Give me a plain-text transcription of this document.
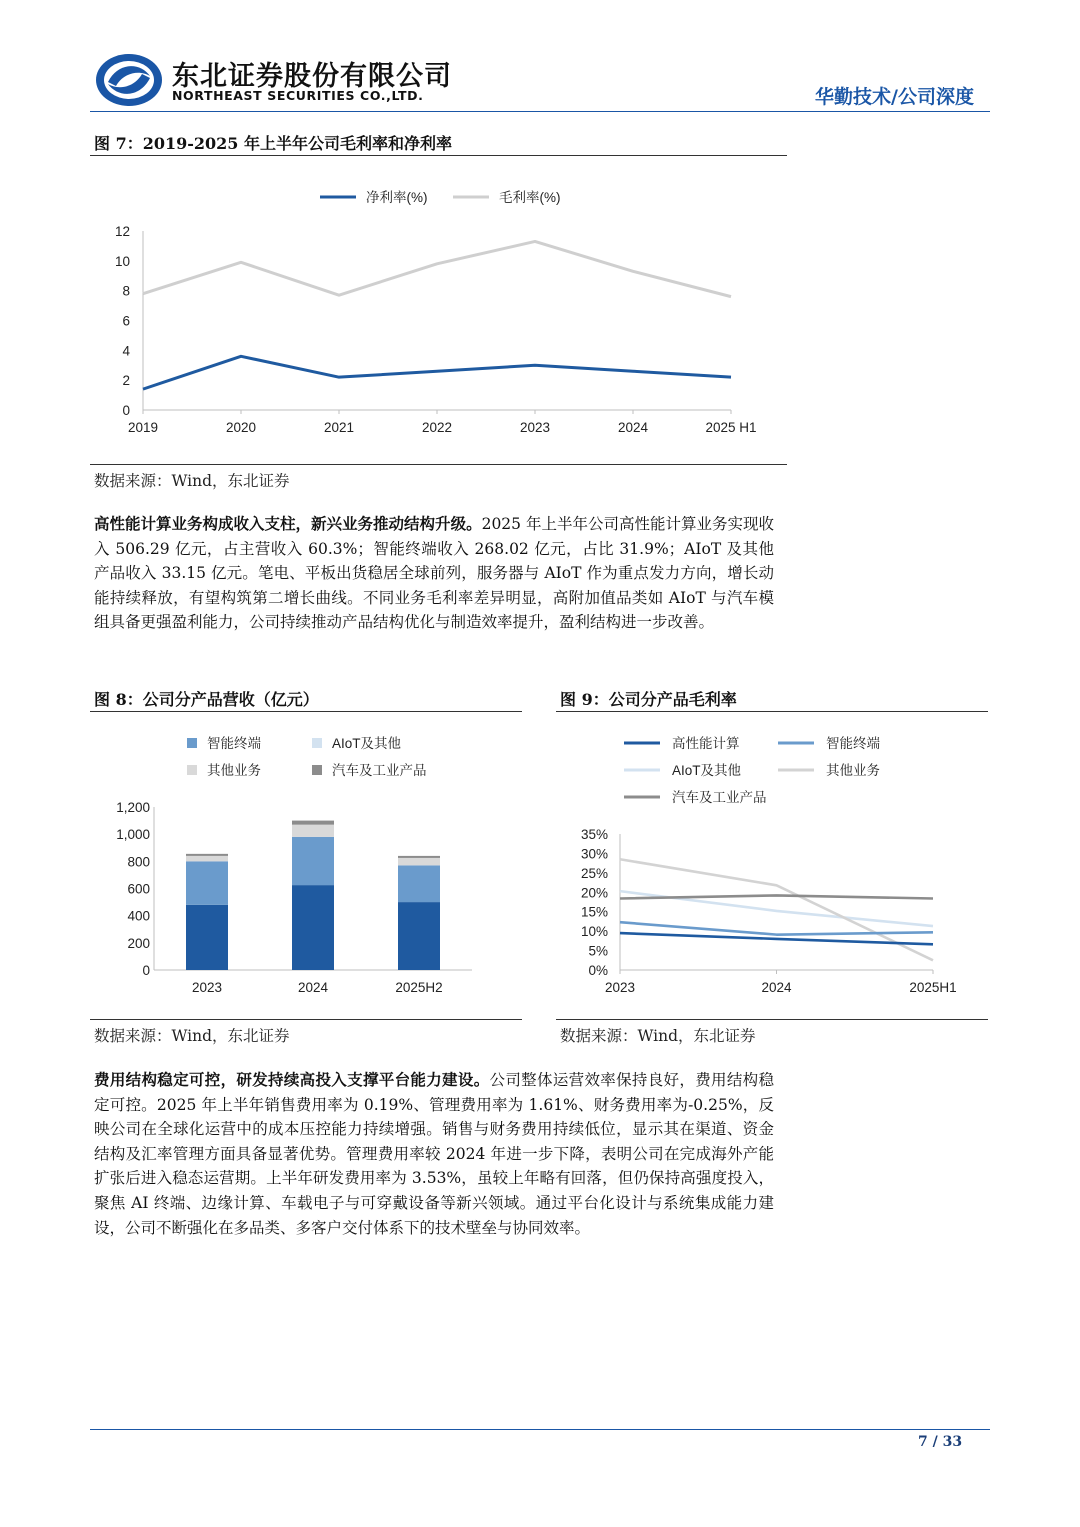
东北证券股份有限公司
NORTHEAST SECURITIES CO.,LTD.	华勤技术/公司深度
图 7：2019-2025 年上半年公司毛利率和净利率
净利率(%)	毛利率(%)
0
2
4
6
8
10
12
2019	2020	2021	2022	2023	2024	2025 H1
数据来源：Wind，东北证券
高性能计算业务构成收入支柱，新兴业务推动结构升级。2025 年上半年公司高性能计算业务实现收入 506.29 亿元，占主营收入 60.3%；智能终端收入 268.02 亿元，占比 31.9%；AIoT 及其他产品收入 33.15 亿元。笔电、平板出货稳居全球前列，服务器与 AIoT 作为重点发力方向，增长动能持续释放，有望构筑第二增长曲线。不同业务毛利率差异明显，高附加值品类如 AIoT 与汽车模组具备更强盈利能力，公司持续推动产品结构优化与制造效率提升，盈利结构进一步改善。
图 8：公司分产品营收（亿元）
智能终端	AIoT及其他
其他业务	汽车及工业产品
0
200
400
600
800
1,000
1,200
2023	2024	2025H2
数据来源：Wind，东北证券
图 9：公司分产品毛利率
高性能计算	智能终端
AIoT及其他	其他业务
汽车及工业产品
0%
5%
10%
15%
20%
25%
30%
35%
2023	2024	2025H1
数据来源：Wind，东北证券
费用结构稳定可控，研发持续高投入支撑平台能力建设。公司整体运营效率保持良好，费用结构稳定可控。2025 年上半年销售费用率为 0.19%、管理费用率为 1.61%、财务费用率为-0.25%，反映公司在全球化运营中的成本压控能力持续增强。销售与财务费用持续低位，显示其在渠道、资金结构及汇率管理方面具备显著优势。管理费用率较 2024 年进一步下降，表明公司在完成海外产能扩张后进入稳态运营期。上半年研发费用率为 3.53%，虽较上年略有回落，但仍保持高强度投入，聚焦 AI 终端、边缘计算、车载电子与可穿戴设备等新兴领域。通过平台化设计与系统集成能力建设，公司不断强化在多品类、多客户交付体系下的技术壁垒与协同效率。
7 / 33
